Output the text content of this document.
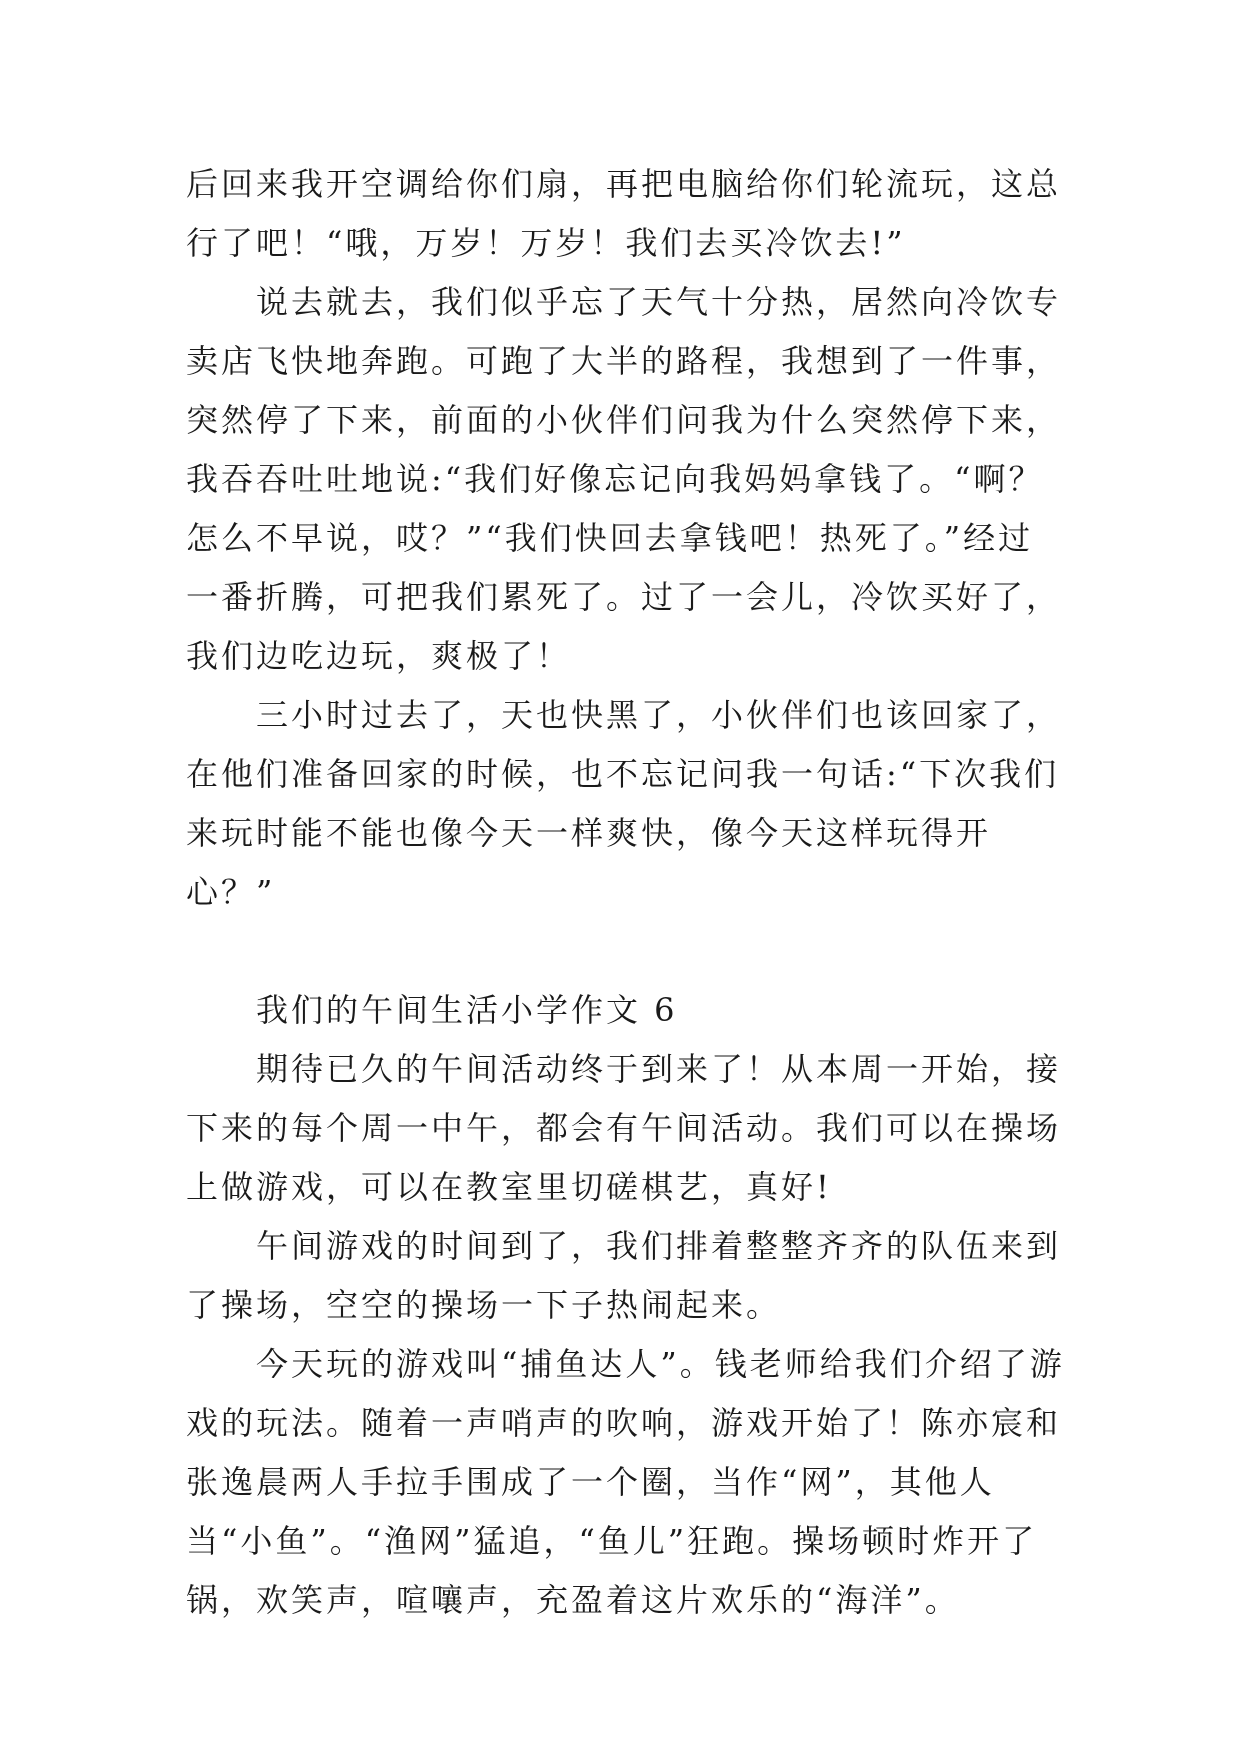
后回来我开空调给你们扇，再把电脑给你们轮流玩，这总行了吧！“哦，万岁！万岁！我们去买冷饮去!”

说去就去，我们似乎忘了天气十分热，居然向冷饮专卖店飞快地奔跑。可跑了大半的路程，我想到了一件事，突然停了下来，前面的小伙伴们问我为什么突然停下来，我吞吞吐吐地说:“我们好像忘记向我妈妈拿钱了。“啊？怎么不早说，哎？”“我们快回去拿钱吧！热死了。”经过一番折腾，可把我们累死了。过了一会儿，冷饮买好了，我们边吃边玩，爽极了！

三小时过去了，天也快黑了，小伙伴们也该回家了，在他们准备回家的时候，也不忘记问我一句话:“下次我们来玩时能不能也像今天一样爽快，像今天这样玩得开心？”

我们的午间生活小学作文 6

期待已久的午间活动终于到来了！从本周一开始，接下来的每个周一中午，都会有午间活动。我们可以在操场上做游戏，可以在教室里切磋棋艺，真好!

午间游戏的时间到了，我们排着整整齐齐的队伍来到了操场，空空的操场一下子热闹起来。

今天玩的游戏叫“捕鱼达人”。钱老师给我们介绍了游戏的玩法。随着一声哨声的吹响，游戏开始了！陈亦宸和张逸晨两人手拉手围成了一个圈，当作“网”，其他人当“小鱼”。“渔网”猛追，“鱼儿”狂跑。操场顿时炸开了锅，欢笑声，喧嚷声，充盈着这片欢乐的“海洋”。
